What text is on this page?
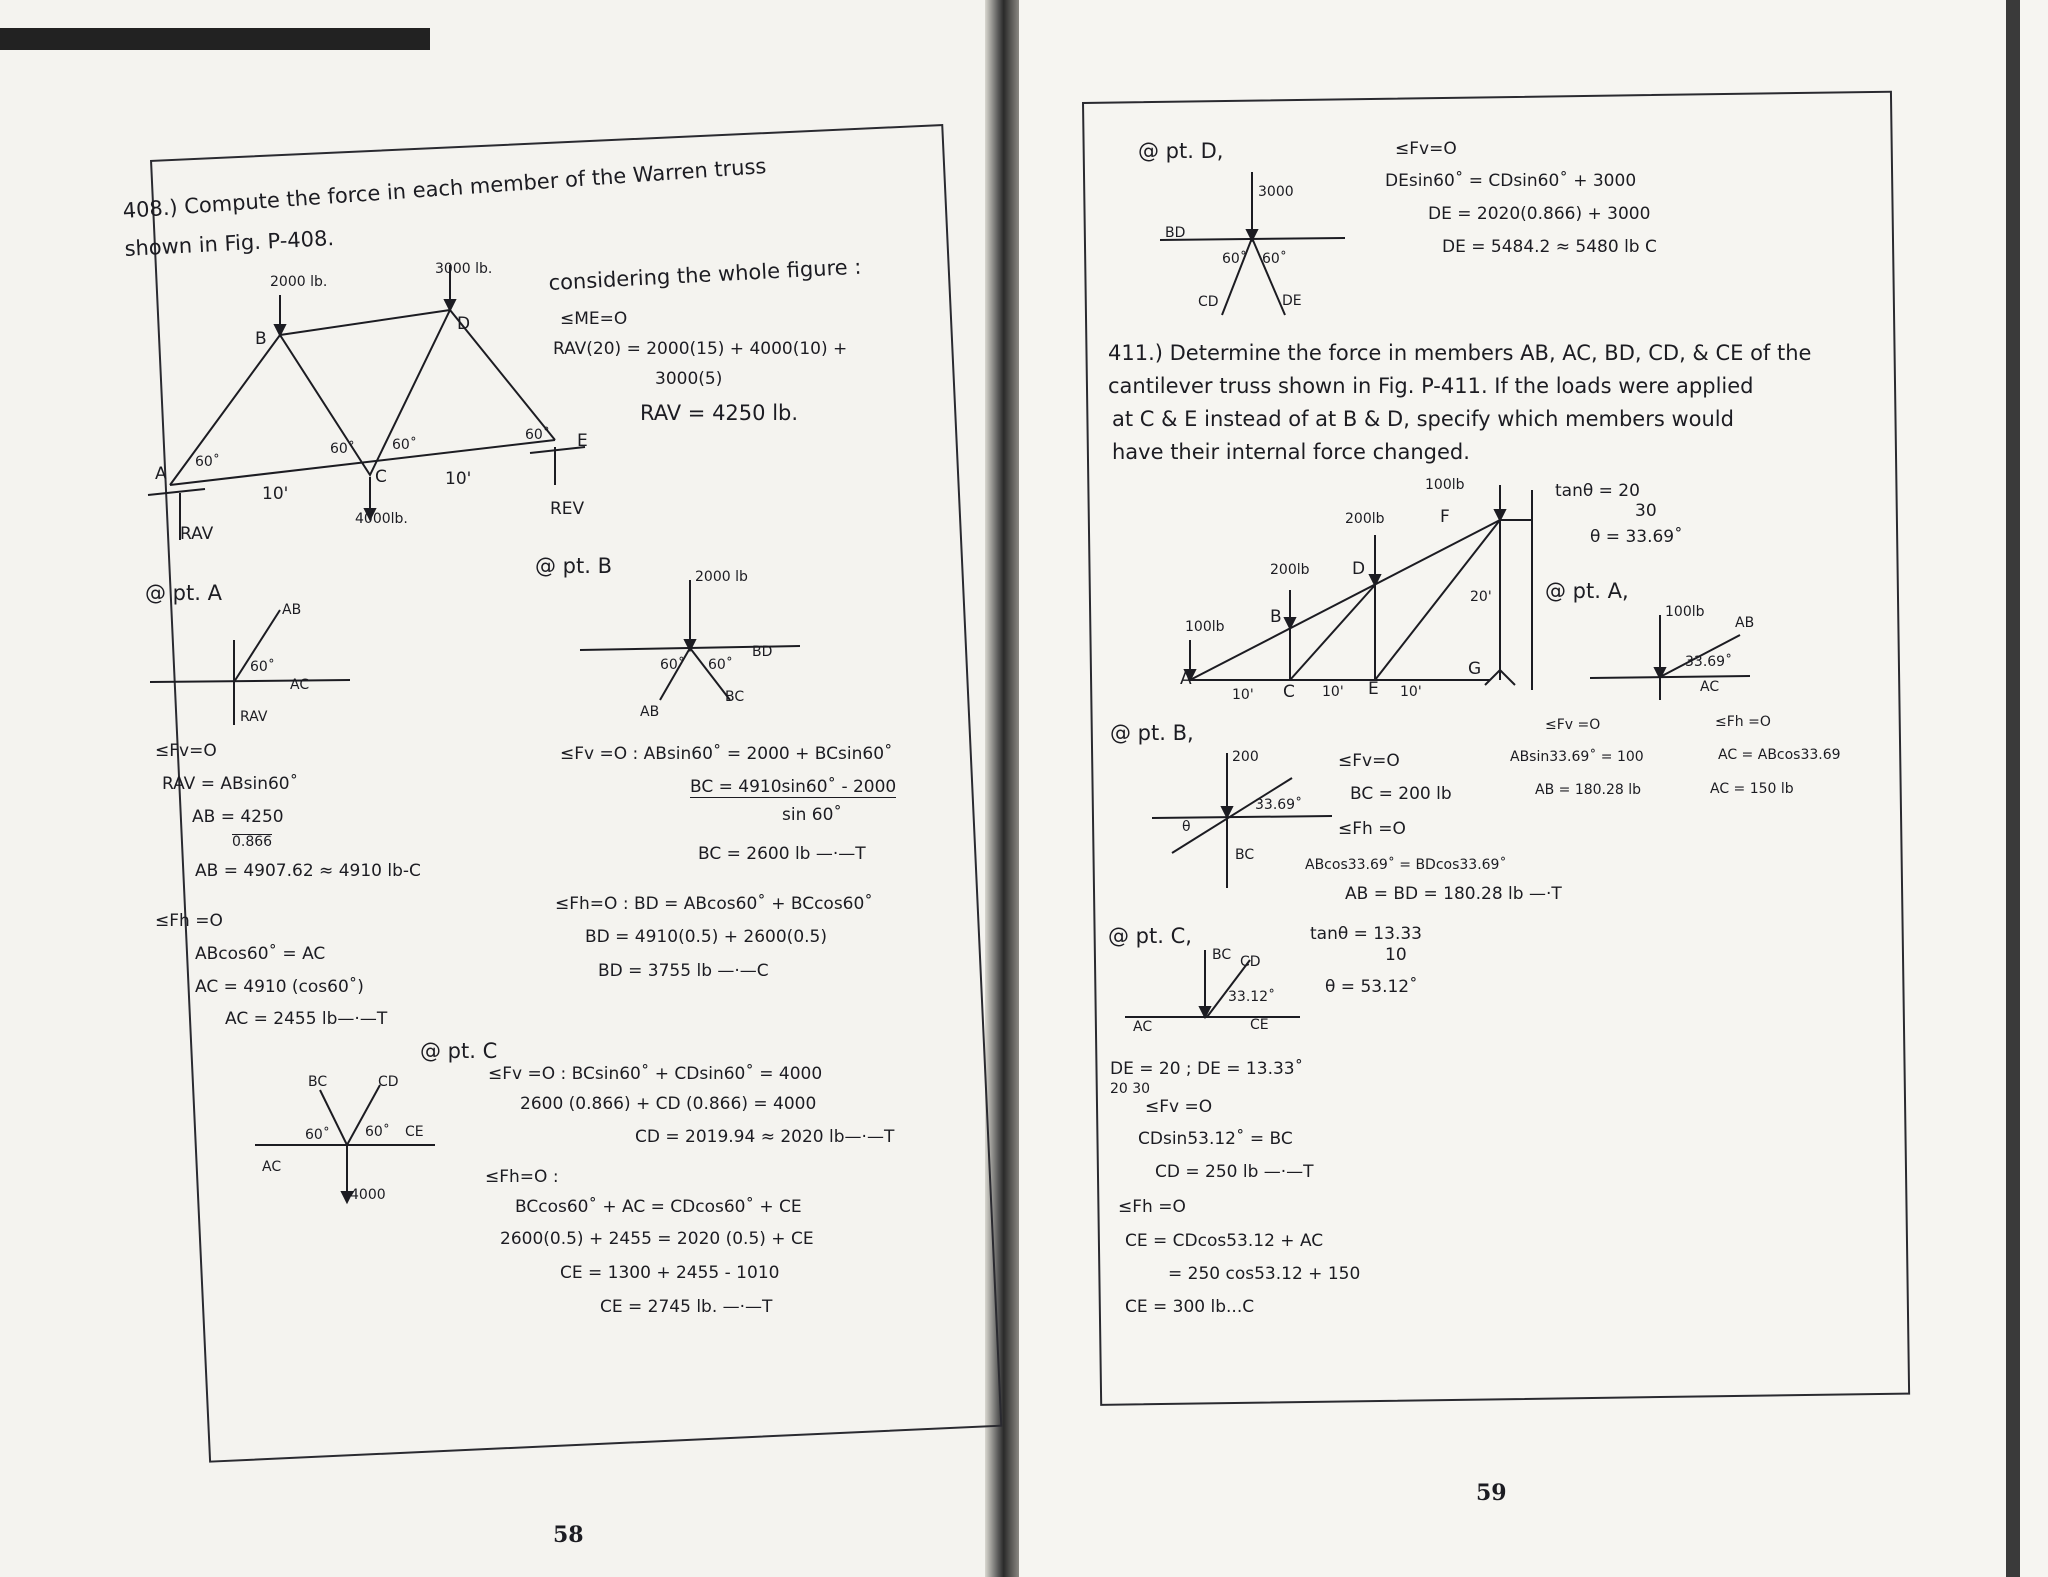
408.) Compute the force in each member of the Warren truss
shown in Fig. P-408.
2000 lb.
3000 lb.
4000lb.
A
B
C
D
E
60˚
60˚	60˚
60˚
10'
10'
RAV
REV
considering the whole figure :
≤ME=O
RAV(20) = 2000(15) + 4000(10) +
3000(5)
RAV = 4250 lb.
@ pt. A
AB
AC
60˚
RAV
≤Fv=O
RAV = ABsin60˚
AB = 4250
0.866
AB = 4907.62 ≈ 4910 lb-C
≤Fh =O
ABcos60˚ = AC
AC = 4910 (cos60˚)
AC = 2455 lb—·—T
@ pt. B	2000 lb
BD
AB
BC
60˚ 60˚
≤Fv =O : ABsin60˚ = 2000 + BCsin60˚
BC = 4910sin60˚ - 2000
sin 60˚
BC = 2600 lb —·—T
≤Fh=O : BD = ABcos60˚ + BCcos60˚
BD = 4910(0.5) + 2600(0.5)
BD = 3755 lb —·—C
@ pt. C
BC	CD
AC
CE
4000
60˚	60˚
≤Fv =O : BCsin60˚ + CDsin60˚ = 4000
2600 (0.866) + CD (0.866) = 4000
CD = 2019.94 ≈ 2020 lb—·—T
≤Fh=O :
BCcos60˚ + AC = CDcos60˚ + CE
2600(0.5) + 2455 = 2020 (0.5) + CE
CE = 1300 + 2455 - 1010
CE = 2745 lb. —·—T
58
@ pt. D,
3000
BD
CD	DE
60˚ 60˚
≤Fv=O
DEsin60˚ = CDsin60˚ + 3000
DE = 2020(0.866) + 3000
DE = 5484.2 ≈ 5480 lb C
411.) Determine the force in members AB, AC, BD, CD, & CE of the
cantilever truss shown in Fig. P-411. If the loads were applied
at C & E instead of at B & D, specify which members would
have their internal force changed.
100lb
200lb
200lb
100lb
A
B
C
D
E
F
G
10'	10'	10'
20'
tanθ = 20
30
θ = 33.69˚
@ pt. A,
100lb
AB
AC
33.69˚
≤Fv =O
ABsin33.69˚ = 100
AB = 180.28 lb
≤Fh =O
AC = ABcos33.69
AC = 150 lb
@ pt. B,
200
33.69˚
θ
BC
≤Fv=O
BC = 200 lb
≤Fh =O
ABcos33.69˚ = BDcos33.69˚
AB = BD = 180.28 lb —·T
@ pt. C,
BC CD
AC	CE
33.12˚
tanθ = 13.33
10
θ = 53.12˚
DE = 20 ; DE = 13.33˚
20 30
≤Fv =O
CDsin53.12˚ = BC
CD = 250 lb —·—T
≤Fh =O
CE = CDcos53.12 + AC
= 250 cos53.12 + 150
CE = 300 lb...C
59
